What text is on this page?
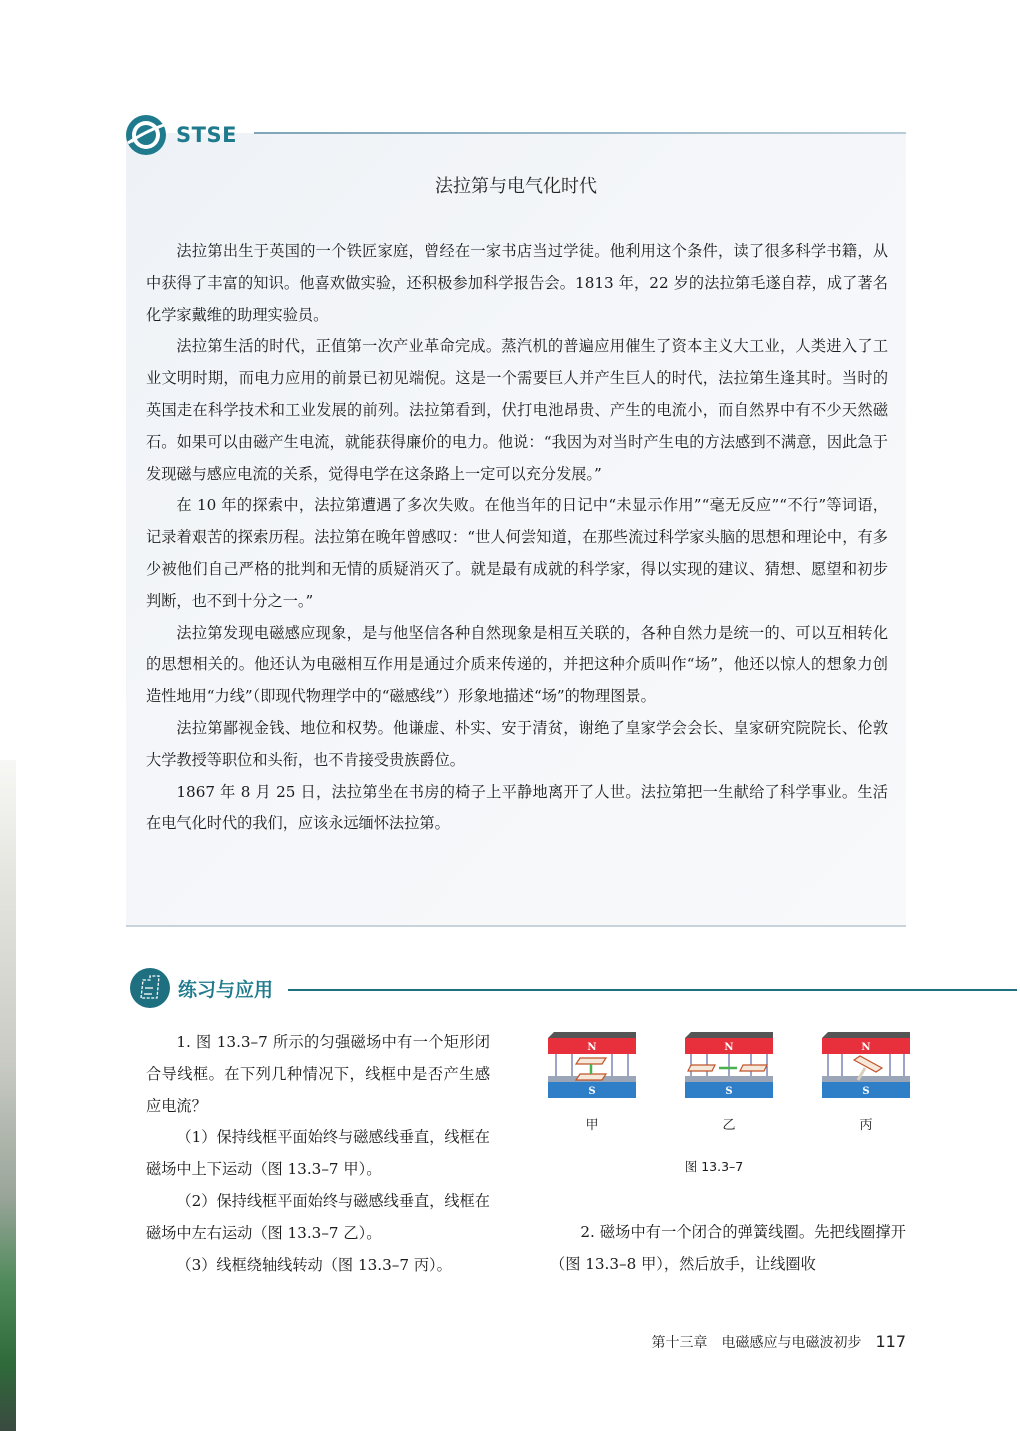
STSE
法拉第与电气化时代

法拉第出生于英国的一个铁匠家庭，曾经在一家书店当过学徒。他利用这个条件，读了很多科学书籍，从中获得了丰富的知识。他喜欢做实验，还积极参加科学报告会。1813 年，22 岁的法拉第毛遂自荐，成了著名化学家戴维的助理实验员。

法拉第生活的时代，正值第一次产业革命完成。蒸汽机的普遍应用催生了资本主义大工业，人类进入了工业文明时期，而电力应用的前景已初见端倪。这是一个需要巨人并产生巨人的时代，法拉第生逢其时。当时的英国走在科学技术和工业发展的前列。法拉第看到，伏打电池昂贵、产生的电流小，而自然界中有不少天然磁石。如果可以由磁产生电流，就能获得廉价的电力。他说：“我因为对当时产生电的方法感到不满意，因此急于发现磁与感应电流的关系，觉得电学在这条路上一定可以充分发展。”

在 10 年的探索中，法拉第遭遇了多次失败。在他当年的日记中“未显示作用”“毫无反应”“不行”等词语，记录着艰苦的探索历程。法拉第在晚年曾感叹：“世人何尝知道，在那些流过科学家头脑的思想和理论中，有多少被他们自己严格的批判和无情的质疑消灭了。就是最有成就的科学家，得以实现的建议、猜想、愿望和初步判断，也不到十分之一。”

法拉第发现电磁感应现象，是与他坚信各种自然现象是相互关联的，各种自然力是统一的、可以互相转化的思想相关的。他还认为电磁相互作用是通过介质来传递的，并把这种介质叫作“场”，他还以惊人的想象力创造性地用“力线”（即现代物理学中的“磁感线”）形象地描述“场”的物理图景。

法拉第鄙视金钱、地位和权势。他谦虚、朴实、安于清贫，谢绝了皇家学会会长、皇家研究院院长、伦敦大学教授等职位和头衔，也不肯接受贵族爵位。

1867 年 8 月 25 日，法拉第坐在书房的椅子上平静地离开了人世。法拉第把一生献给了科学事业。生活在电气化时代的我们，应该永远缅怀法拉第。

练习与应用

1. 图 13.3–7 所示的匀强磁场中有一个矩形闭合导线框。在下列几种情况下，线框中是否产生感应电流？

（1）保持线框平面始终与磁感线垂直，线框在磁场中上下运动（图 13.3–7 甲）。

（2）保持线框平面始终与磁感线垂直，线框在磁场中左右运动（图 13.3–7 乙）。

（3）线框绕轴线转动（图 13.3–7 丙）。

N
S
甲
N
S
乙
N
S
丙
图 13.3–7

2. 磁场中有一个闭合的弹簧线圈。先把线圈撑开（图 13.3–8 甲），然后放手，让线圈收

第十三章 电磁感应与电磁波初步 117
